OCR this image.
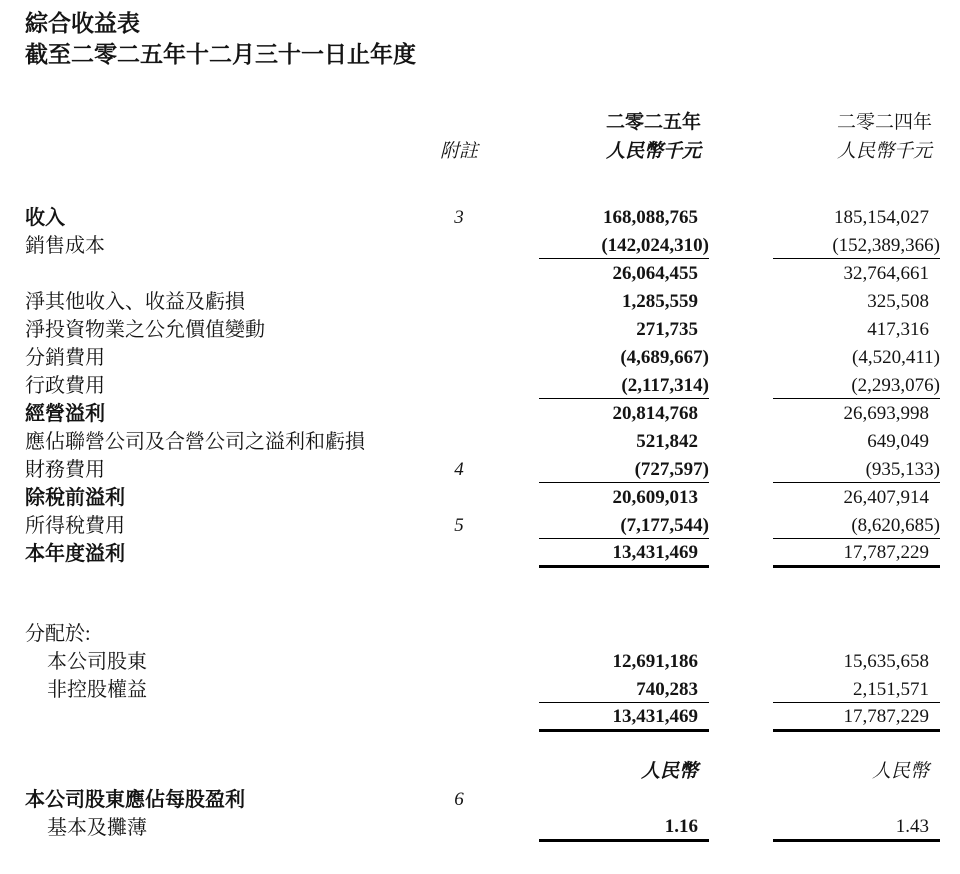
綜合收益表
截至二零二五年十二月三十一日止年度
			二零二五年		二零二四年
	附註		人民幣千元		人民幣千元

收入	3		168,088,765		185,154,027
銷售成本			(142,024,310)		(152,389,366)
			26,064,455		32,764,661
淨其他收入、收益及虧損			1,285,559		325,508
淨投資物業之公允價值變動			271,735		417,316
分銷費用			(4,689,667)		(4,520,411)
行政費用			(2,117,314)		(2,293,076)
經營溢利			20,814,768		26,693,998
應佔聯營公司及合營公司之溢利和虧損			521,842		649,049
財務費用	4		(727,597)		(935,133)
除稅前溢利			20,609,013		26,407,914
所得稅費用	5		(7,177,544)		(8,620,685)
本年度溢利			13,431,469		17,787,229

分配於:					
本公司股東			12,691,186		15,635,658
非控股權益			740,283		2,151,571
			13,431,469		17,787,229

			人民幣		人民幣
本公司股東應佔每股盈利	6				
基本及攤薄			1.16		1.43
